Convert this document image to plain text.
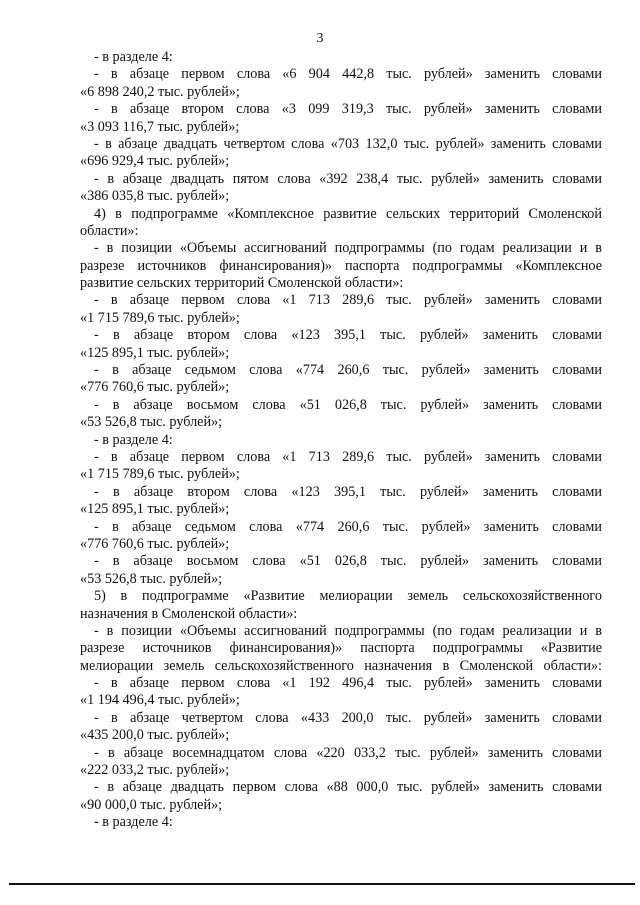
3
- в разделе 4:
- в абзаце первом слова «6 904 442,8 тыс. рублей» заменить словами
«6 898 240,2 тыс. рублей»;
- в абзаце втором слова «3 099 319,3 тыс. рублей» заменить словами
«3 093 116,7 тыс. рублей»;
- в абзаце двадцать четвертом слова «703 132,0 тыс. рублей» заменить словами
«696 929,4 тыс. рублей»;
- в абзаце двадцать пятом слова «392 238,4 тыс. рублей» заменить словами
«386 035,8 тыс. рублей»;
4) в подпрограмме «Комплексное развитие сельских территорий Смоленской
области»:
- в позиции «Объемы ассигнований подпрограммы (по годам реализации и в
разрезе источников финансирования)» паспорта подпрограммы «Комплексное
развитие сельских территорий Смоленской области»:
- в абзаце первом слова «1 713 289,6 тыс. рублей» заменить словами
«1 715 789,6 тыс. рублей»;
- в абзаце втором слова «123 395,1 тыс. рублей» заменить словами
«125 895,1 тыс. рублей»;
- в абзаце седьмом слова «774 260,6 тыс. рублей» заменить словами
«776 760,6 тыс. рублей»;
- в абзаце восьмом слова «51 026,8 тыс. рублей» заменить словами
«53 526,8 тыс. рублей»;
- в разделе 4:
- в абзаце первом слова «1 713 289,6 тыс. рублей» заменить словами
«1 715 789,6 тыс. рублей»;
- в абзаце втором слова «123 395,1 тыс. рублей» заменить словами
«125 895,1 тыс. рублей»;
- в абзаце седьмом слова «774 260,6 тыс. рублей» заменить словами
«776 760,6 тыс. рублей»;
- в абзаце восьмом слова «51 026,8 тыс. рублей» заменить словами
«53 526,8 тыс. рублей»;
5) в подпрограмме «Развитие мелиорации земель сельскохозяйственного
назначения в Смоленской области»:
- в позиции «Объемы ассигнований подпрограммы (по годам реализации и в
разрезе источников финансирования)» паспорта подпрограммы «Развитие
мелиорации земель сельскохозяйственного назначения в Смоленской области»:
- в абзаце первом слова «1 192 496,4 тыс. рублей» заменить словами
«1 194 496,4 тыс. рублей»;
- в абзаце четвертом слова «433 200,0 тыс. рублей» заменить словами
«435 200,0 тыс. рублей»;
- в абзаце восемнадцатом слова «220 033,2 тыс. рублей» заменить словами
«222 033,2 тыс. рублей»;
- в абзаце двадцать первом слова «88 000,0 тыс. рублей» заменить словами
«90 000,0 тыс. рублей»;
- в разделе 4:
